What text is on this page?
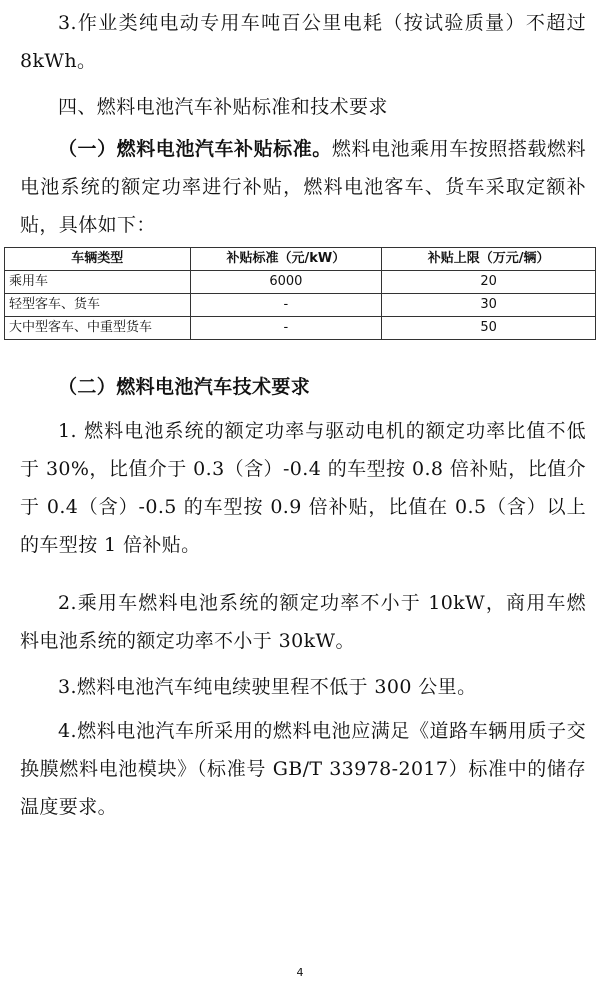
3.作业类纯电动专用车吨百公里电耗（按试验质量）不超过 8kWh。

四、燃料电池汽车补贴标准和技术要求

（一）燃料电池汽车补贴标准。燃料电池乘用车按照搭载燃料电池系统的额定功率进行补贴，燃料电池客车、货车采取定额补贴，具体如下：

车辆类型	补贴标准（元/kW）	补贴上限（万元/辆）
乘用车	6000	20
轻型客车、货车	-	30
大中型客车、中重型货车	-	50

（二）燃料电池汽车技术要求

1. 燃料电池系统的额定功率与驱动电机的额定功率比值不低于 30%，比值介于 0.3（含）-0.4 的车型按 0.8 倍补贴，比值介于 0.4（含）-0.5 的车型按 0.9 倍补贴，比值在 0.5（含）以上的车型按 1 倍补贴。

2.乘用车燃料电池系统的额定功率不小于 10kW，商用车燃料电池系统的额定功率不小于 30kW。

3.燃料电池汽车纯电续驶里程不低于 300 公里。

4.燃料电池汽车所采用的燃料电池应满足《道路车辆用质子交换膜燃料电池模块》（标准号 GB/T 33978-2017）标准中的储存温度要求。

4
